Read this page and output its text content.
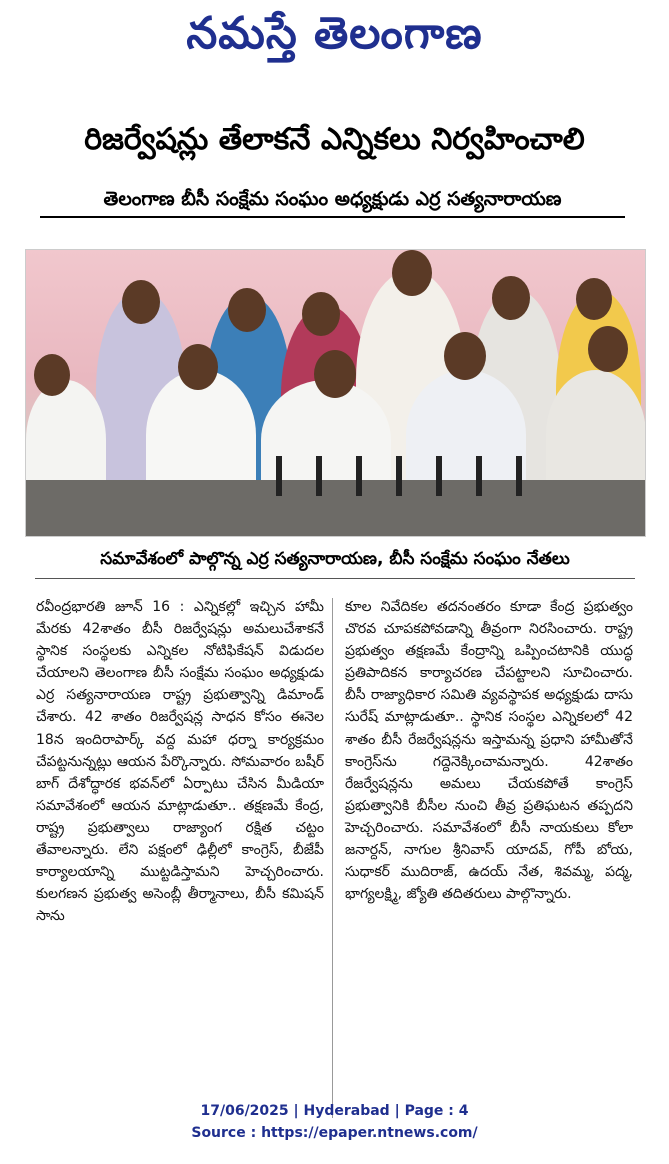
నమస్తే తెలంగాణ
రిజర్వేషన్లు తేలాకనే ఎన్నికలు నిర్వహించాలి
తెలంగాణ బీసీ సంక్షేమ సంఘం అధ్యక్షుడు ఎర్ర సత్యనారాయణ
సమావేశంలో పాల్గొన్న ఎర్ర సత్యనారాయణ, బీసీ సంక్షేమ సంఘం నేతలు

రవీంద్రభారతి జూన్ 16 : ఎన్నికల్లో ఇచ్చిన హామీ మేరకు 42శాతం బీసీ రిజర్వేషన్లు అమలుచేశాకనే స్థానిక సంస్థలకు ఎన్నికల నోటిఫికేషన్ విడుదల చేయాలని తెలంగాణ బీసీ సంక్షేమ సంఘం అధ్యక్షుడు ఎర్ర సత్యనారాయణ రాష్ట్ర ప్రభుత్వాన్ని డిమాండ్ చేశారు. 42 శాతం రిజర్వేషన్ల సాధన కోసం ఈనెల 18న ఇందిరాపార్క్ వద్ద మహా ధర్నా కార్యక్రమం చేపట్టనున్నట్లు ఆయన పేర్కొన్నారు. సోమవారం బషీర్ బాగ్ దేశోద్ధారక భవన్‌లో ఏర్పాటు చేసిన మీడియా సమావేశంలో ఆయన మాట్లాడుతూ.. తక్షణమే కేంద్ర, రాష్ట్ర ప్రభుత్వాలు రాజ్యాంగ రక్షిత చట్టం తేవాలన్నారు. లేని పక్షంలో ఢిల్లీలో కాంగ్రెస్, బీజేపీ కార్యాలయాన్ని ముట్టడిస్తామని హెచ్చరించారు. కులగణన ప్రభుత్వ అసెంబ్లీ తీర్మానాలు, బీసీ కమిషన్ సాను

కూల నివేదికల తదనంతరం కూడా కేంద్ర ప్రభుత్వం చొరవ చూపకపోవడాన్ని తీవ్రంగా నిరసించారు. రాష్ట్ర ప్రభుత్వం తక్షణమే కేంద్రాన్ని ఒప్పించటానికి యుద్ధ ప్రతిపాదికన కార్యాచరణ చేపట్టాలని సూచించారు. బీసీ రాజ్యాధికార సమితి వ్యవస్థాపక అధ్యక్షుడు దాసు సురేష్ మాట్లాడుతూ.. స్థానిక సంస్థల ఎన్నికలలో 42 శాతం బీసీ రేజర్వేషన్లను ఇస్తామన్న ప్రధాని హామీతోనే కాంగ్రెస్‌ను గద్దెనెక్కించామన్నారు. 42శాతం రేజర్వేషన్లను అమలు చేయకపోతే కాంగ్రెస్ ప్రభుత్వానికి బీసీల నుంచి తీవ్ర ప్రతిఘటన తప్పదని హెచ్చరించారు. సమావేశంలో బీసీ నాయకులు కోలా జనార్దన్, నాగుల శ్రీనివాస్ యాదవ్, గోపీ బోయ, సుధాకర్ ముదిరాజ్, ఉదయ్ నేత, శివమ్మ, పద్మ, భాగ్యలక్ష్మి, జ్యోతి తదితరులు పాల్గొన్నారు.

17/06/2025 | Hyderabad | Page : 4
Source : https://epaper.ntnews.com/
